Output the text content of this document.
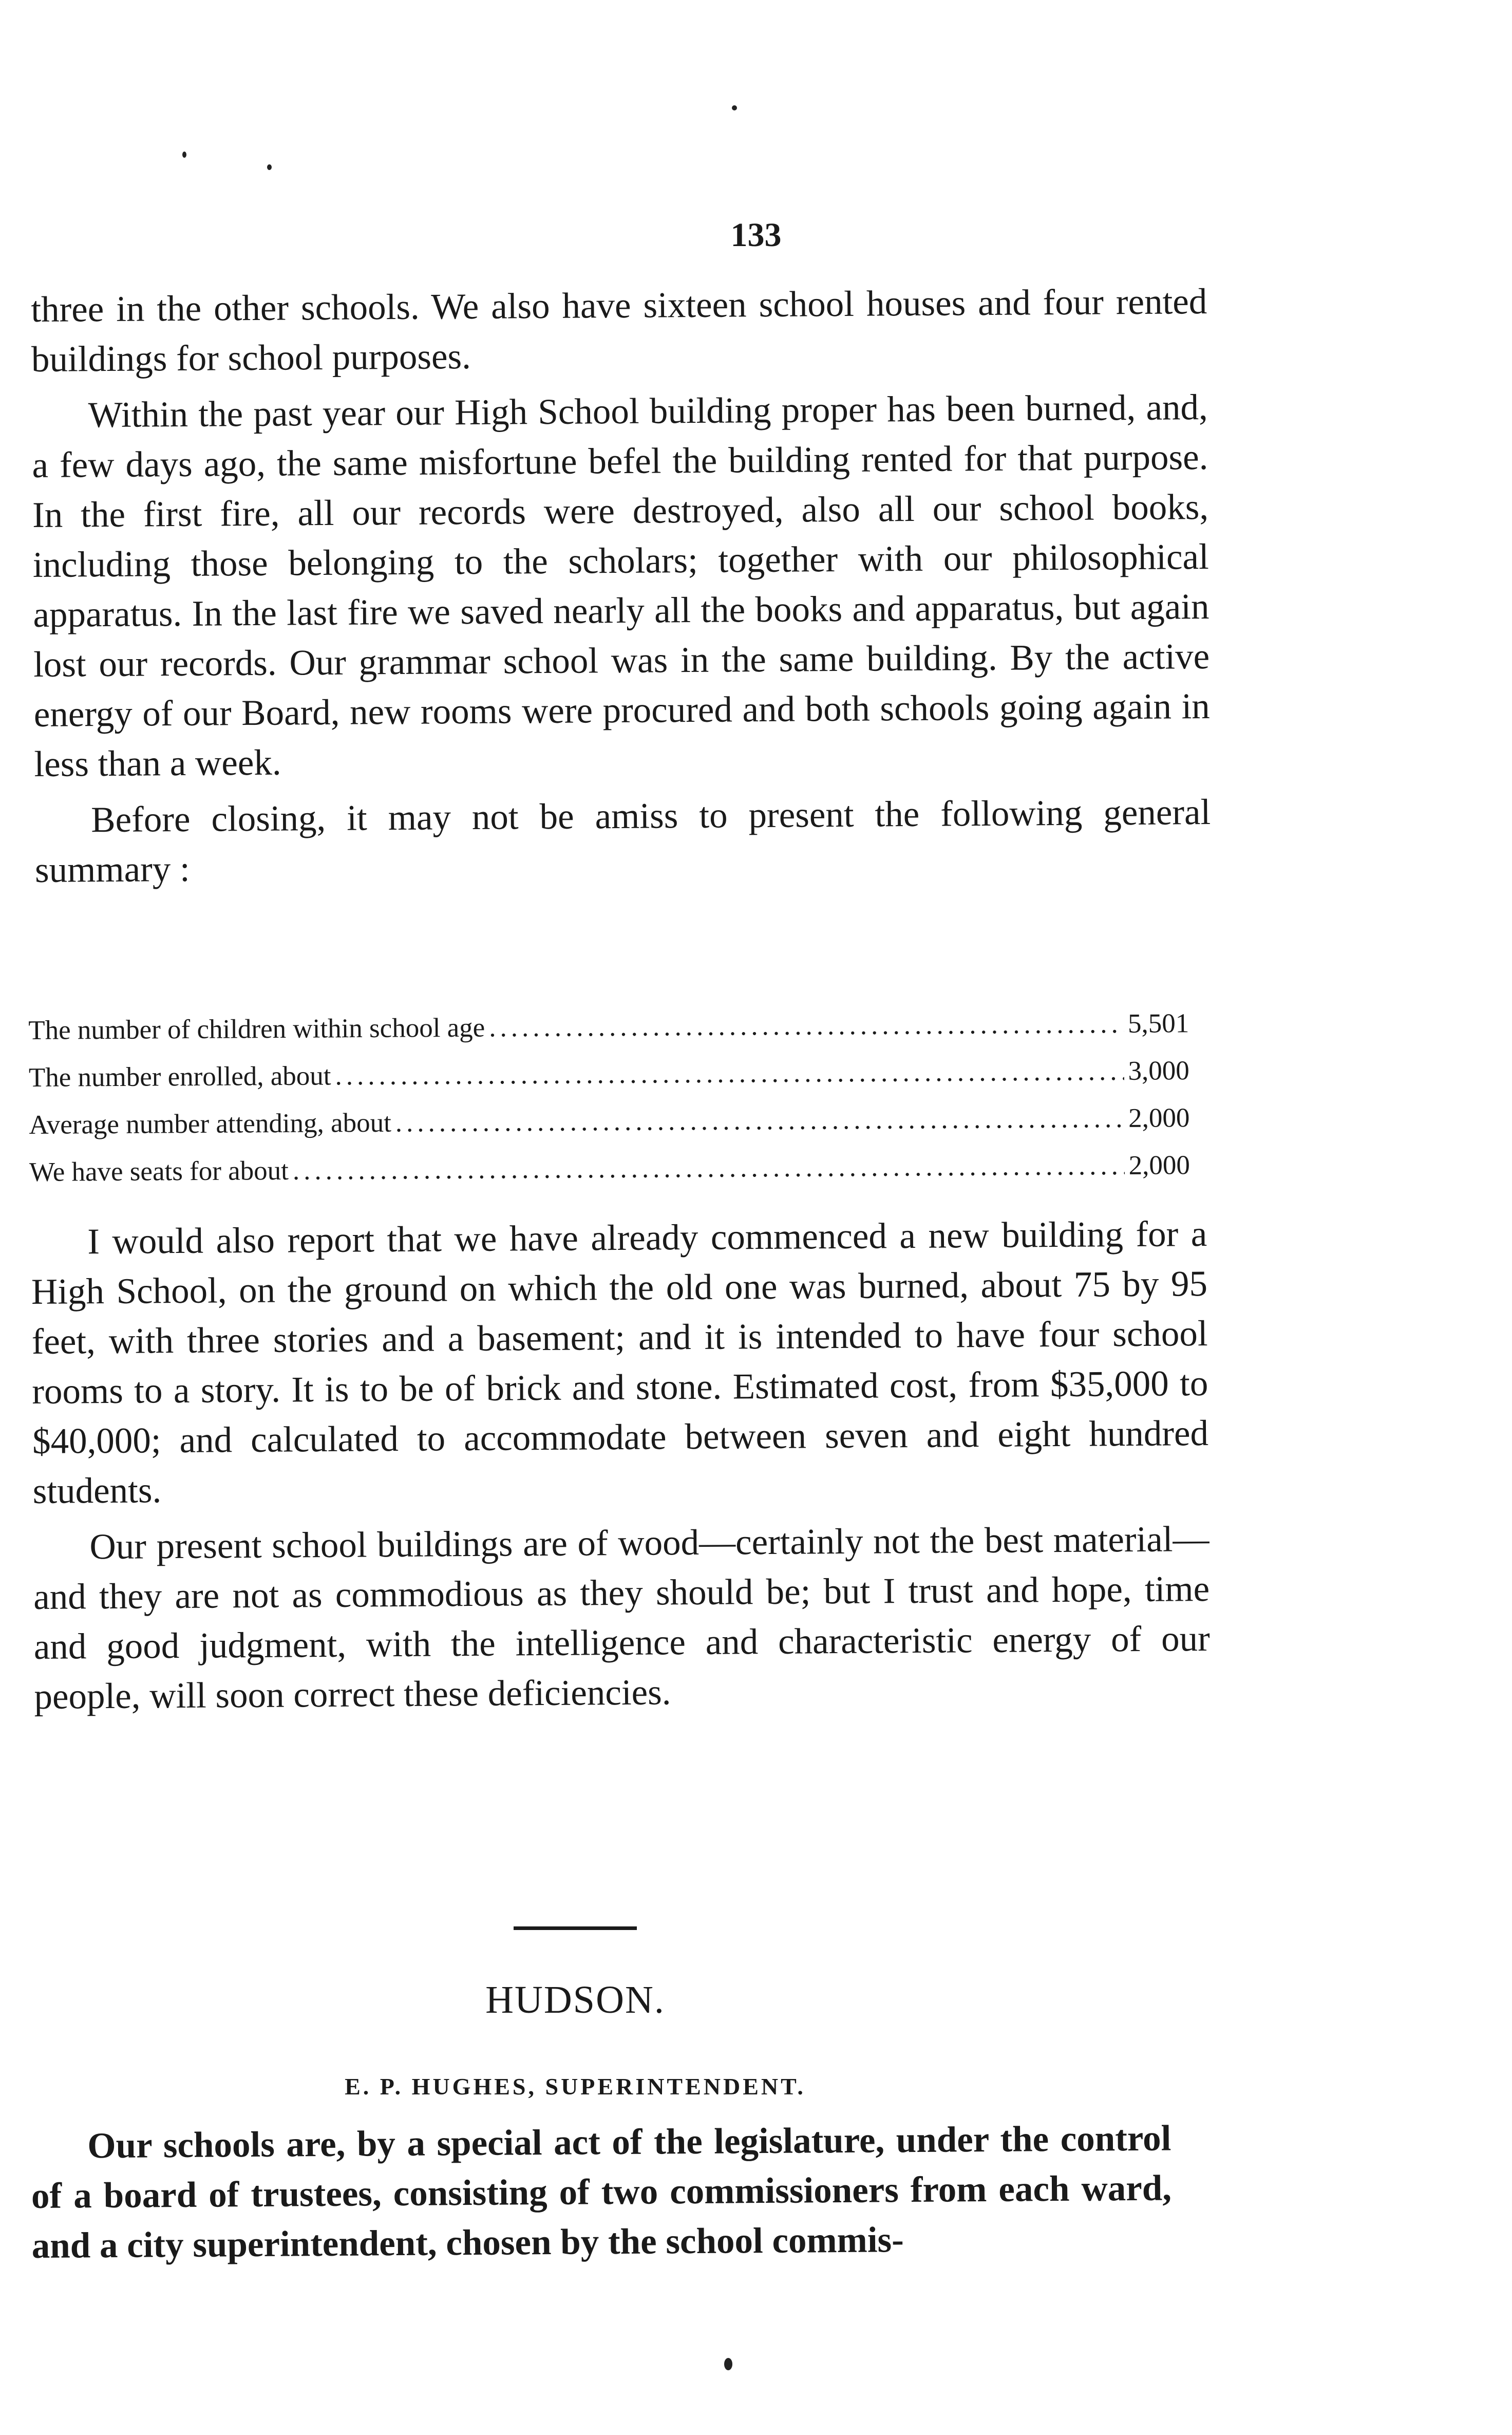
133

three in the other schools. We also have sixteen school houses and four rented buildings for school purposes.

Within the past year our High School building proper has been burned, and, a few days ago, the same misfortune befel the building rented for that purpose. In the first fire, all our records were destroyed, also all our school books, including those belonging to the scholars; together with our philosophical apparatus. In the last fire we saved nearly all the books and apparatus, but again lost our records. Our grammar school was in the same building. By the active energy of our Board, new rooms were procured and both schools going again in less than a week.

Before closing, it may not be amiss to present the following general summary :

The number of children within school age .....	5,501
The number enrolled, about .....	3,000
Average number attending, about .....	2,000
We have seats for about .....	2,000

I would also report that we have already commenced a new building for a High School, on the ground on which the old one was burned, about 75 by 95 feet, with three stories and a basement; and it is intended to have four school rooms to a story. It is to be of brick and stone. Estimated cost, from $35,000 to $40,000; and calculated to accommodate between seven and eight hundred students.

Our present school buildings are of wood—certainly not the best material—and they are not as commodious as they should be; but I trust and hope, time and good judgment, with the intelligence and characteristic energy of our people, will soon correct these deficiencies.

HUDSON.
E. P. HUGHES, SUPERINTENDENT.

Our schools are, by a special act of the legislature, under the control of a board of trustees, consisting of two commissioners from each ward, and a city superintendent, chosen by the school commis-
